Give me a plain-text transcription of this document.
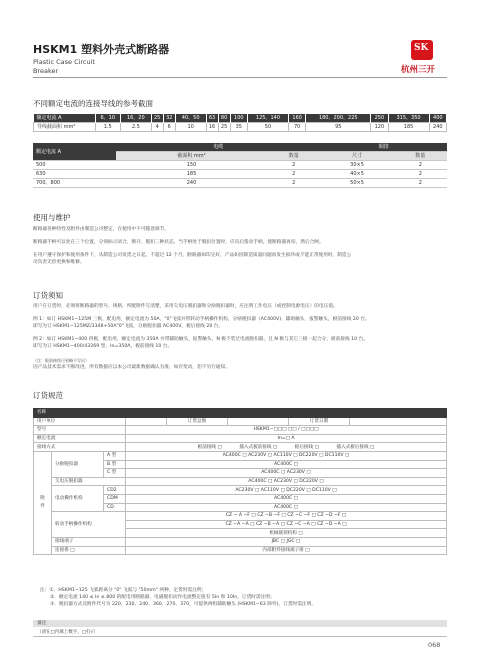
HSKM1 塑料外壳式断路器
Plastic Case Circuit
Breaker
SK
杭州三开
不同额定电流的连接导线的参考截面
额定电流 A	6、10	16、20	25	32	40、50	63	80	100	125、140	160	180、200、225	250	315、350	400
导线截面积 mm²	1.5	2.5	4	6	10	16	25	35	50	70	95	120	185	240
额定电流 A	电缆		铜排	
	截面积 mm²	数量	尺寸	数量
500	150	2	30×5	2
630	185	2	40×5	2
700、800	240	2	50×5	2
使用与维护
断路器各种特性及附件由制造公司整定，在使用中不可随意调节。
断路器手柄可以处在三个位置，分别标示闭合、断开、脱扣三种状态，当手柄处于脱扣位置时，应向后拨动手柄，使断路器再扣，然后合闸。
在用户遵守保护和使用条件下，从制造公司发货之日起，不超过 12 个月，断路器如印完好，产品如因制造质量问题而发生损坏或不能正常使用时，制造公
司负责无偿更换和维修。
订货须知
用户在订货时，必须将断路器的型号、规格、所配附件写清楚，采用欠电压脱扣器和分励脱扣器时，应注明工作电压（或控制电源电压）的电压值。
例 1：如订 HSKM1−125M 三极，配电用，额定电流为 50A，"0"飞弧并带转动手柄操作机构，分励脱扣器（AC400V)，辅助触头，报警触头，板前接线 20 台。
即写为订 HSKM1−125MZ/3348+50A"0"飞弧，分励脱扣器 AC400V，板后接线 20 台。
例 2：如订 HSKM1−400 四极，配电用，额定电流为 350A 并带辅助触头，报警触头，N 极不装过电流脱扣器，且 N 极与其它三极一起合分，板前接线 10 台。
即写为订 HSKM1−400/43269 型，In=350A，板前接线 10 台。
（注：板前接线可省略不写出）
因产品技术需求不断改进，所有数据应以本公司最新数据确认为准，如有变动，恕不另行通知。
订货规范
名称			
用户单位			订货总数 订货日期

型号			HSKM1−□□□ □□ / □□□□
额定电流			In=□ A
接线方式			板前接线 □ 插入式板前接线 □ 板后接线 □ 插入式板后接线 □
附件	分励脱扣器	A 型	AC400C □ AC230V □ AC110V □ DC220V □ DC110V □
		B 型	AC400C □
		C 型	AC400C □ AC230V □
	欠电压脱扣器		AC400C □ AC230V □ DC220V □
	电动操作机构	CD2	AC230V □ AC110V □ DC220V □ DC110V □
		CDM	AC400C □
		CD	AC400C □
	转动手柄操作机构		CZ − A −F □ CZ −B −F □ CZ −C −F □ CZ −D −F □
			CZ −A −A □ CZ −B −A □ CZ −C −A □ CZ −D −A □
			机械联锁机构 □
	接线端子		JBC □ JGC □
	连接排 □		内部附件接线端子排 □
注：①．HSKM1−125 飞弧距离分 "0" 飞弧与 "50mm" 两种，定货时需注明；
②．额定电流 140 ≤ In ≤ 800 的配电用断路器，电磁脱扣动作电流整定值有 5In 和 10In，订货时需注明；
③．脱扣器方式及附件代号为 220、230、240、360、270、370，可提供两组辅助触头 (HSKM1−63 除外)，订货时需注明。
备注
（请在□内填上数字，□打√）
068
